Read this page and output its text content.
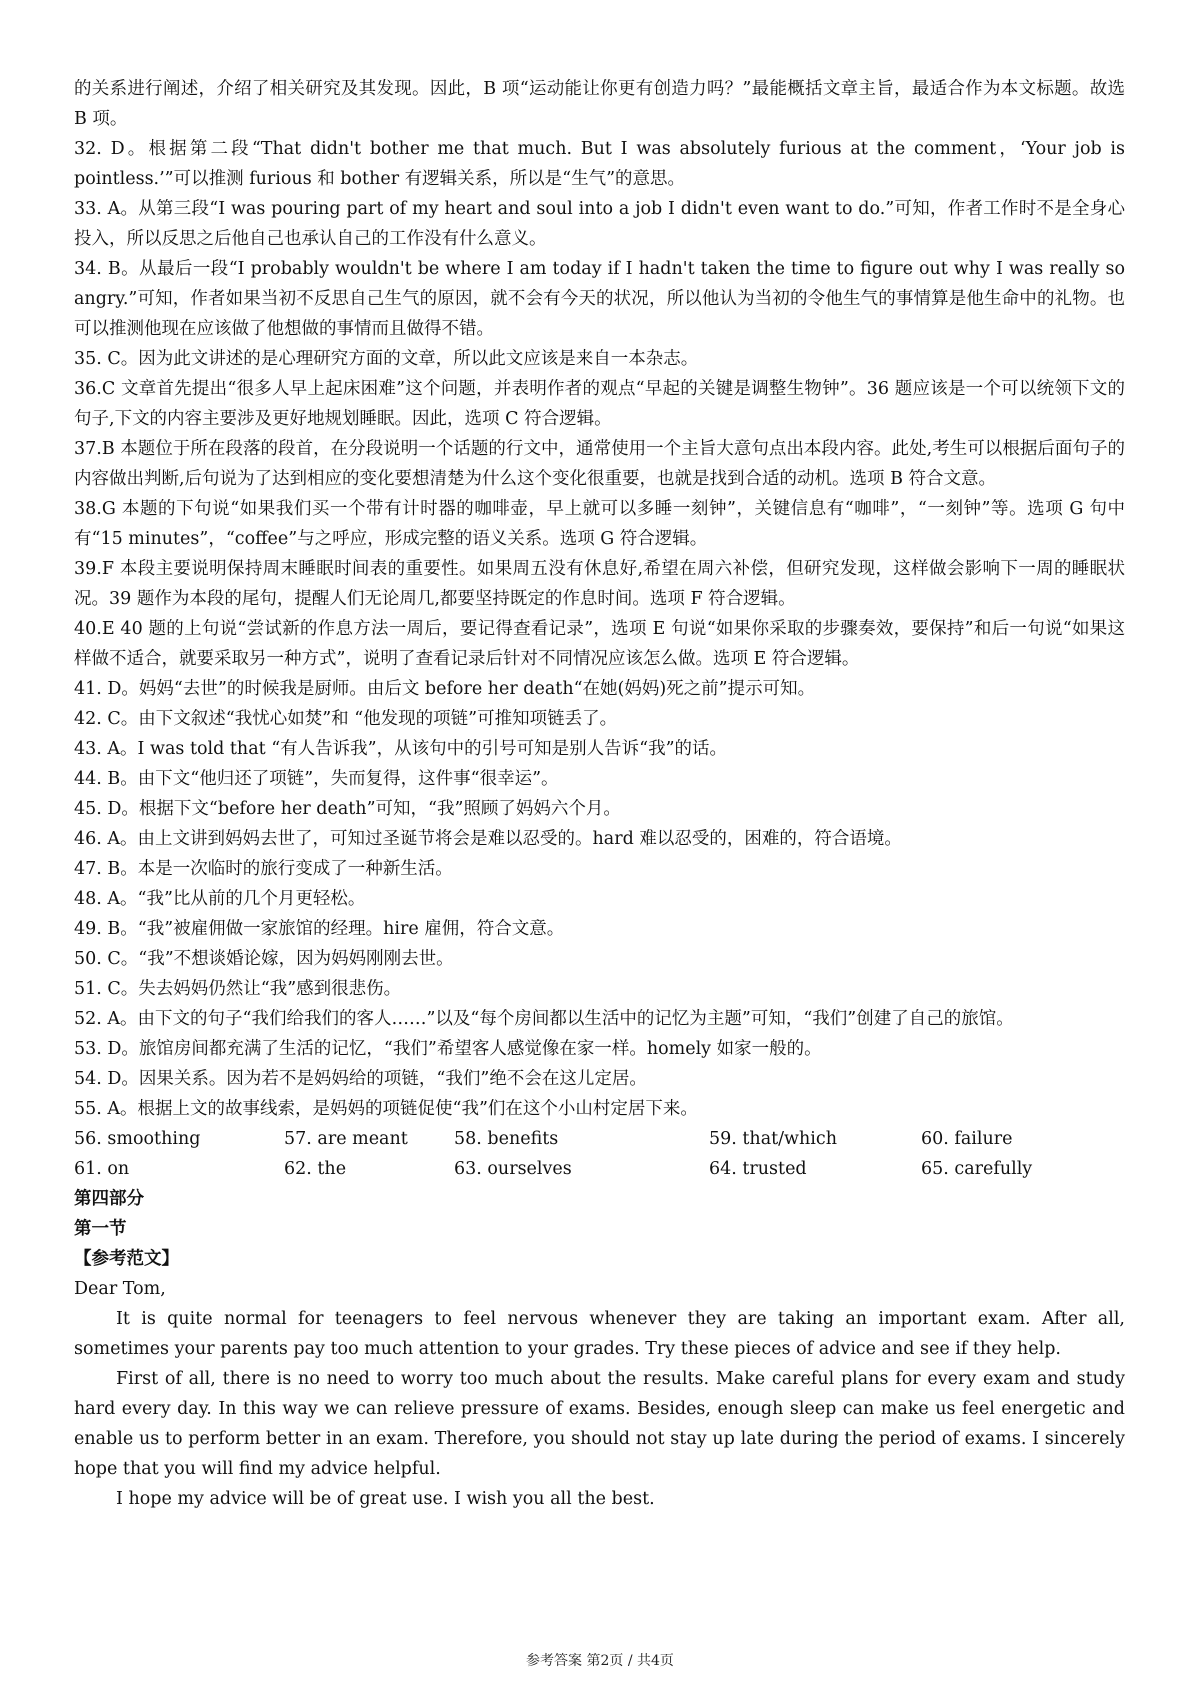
的关系进行阐述，介绍了相关研究及其发现。因此，B 项“运动能让你更有创造力吗？”最能概括文章主旨，最适合作为本文标题。故选 B 项。

32. D。根据第二段“That didn't bother me that much. But I was absolutely furious at the comment，‘Your job is pointless.’”可以推测 furious 和 bother 有逻辑关系，所以是“生气”的意思。

33. A。从第三段“I was pouring part of my heart and soul into a job I didn't even want to do.”可知，作者工作时不是全身心投入，所以反思之后他自己也承认自己的工作没有什么意义。

34. B。从最后一段“I probably wouldn't be where I am today if I hadn't taken the time to figure out why I was really so angry.”可知，作者如果当初不反思自己生气的原因，就不会有今天的状况，所以他认为当初的令他生气的事情算是他生命中的礼物。也可以推测他现在应该做了他想做的事情而且做得不错。

35. C。因为此文讲述的是心理研究方面的文章，所以此文应该是来自一本杂志。

36.C 文章首先提出“很多人早上起床困难”这个问题，并表明作者的观点“早起的关键是调整生物钟”。36 题应该是一个可以统领下文的句子,下文的内容主要涉及更好地规划睡眠。因此，选项 C 符合逻辑。

37.B 本题位于所在段落的段首，在分段说明一个话题的行文中，通常使用一个主旨大意句点出本段内容。此处,考生可以根据后面句子的内容做出判断,后句说为了达到相应的变化要想清楚为什么这个变化很重要，也就是找到合适的动机。选项 B 符合文意。

38.G 本题的下句说“如果我们买一个带有计时器的咖啡壶，早上就可以多睡一刻钟”，关键信息有“咖啡”，“一刻钟”等。选项 G 句中有“15 minutes”，“coffee”与之呼应，形成完整的语义关系。选项 G 符合逻辑。

39.F 本段主要说明保持周末睡眠时间表的重要性。如果周五没有休息好,希望在周六补偿，但研究发现，这样做会影响下一周的睡眠状况。39 题作为本段的尾句，提醒人们无论周几,都要坚持既定的作息时间。选项 F 符合逻辑。

40.E 40 题的上句说“尝试新的作息方法一周后，要记得查看记录”，选项 E 句说“如果你采取的步骤奏效，要保持”和后一句说“如果这样做不适合，就要采取另一种方式”，说明了查看记录后针对不同情况应该怎么做。选项 E 符合逻辑。

41. D。妈妈“去世”的时候我是厨师。由后文 before her death“在她(妈妈)死之前”提示可知。

42. C。由下文叙述“我忧心如焚”和 “他发现的项链”可推知项链丢了。

43. A。I was told that “有人告诉我”，从该句中的引号可知是别人告诉“我”的话。

44. B。由下文“他归还了项链”，失而复得，这件事“很幸运”。

45. D。根据下文“before her death”可知，“我”照顾了妈妈六个月。

46. A。由上文讲到妈妈去世了，可知过圣诞节将会是难以忍受的。hard 难以忍受的，困难的，符合语境。

47. B。本是一次临时的旅行变成了一种新生活。

48. A。“我”比从前的几个月更轻松。

49. B。“我”被雇佣做一家旅馆的经理。hire 雇佣，符合文意。

50. C。“我”不想谈婚论嫁，因为妈妈刚刚去世。

51. C。失去妈妈仍然让“我”感到很悲伤。

52. A。由下文的句子“我们给我们的客人……”以及“每个房间都以生活中的记忆为主题”可知，“我们”创建了自己的旅馆。

53. D。旅馆房间都充满了生活的记忆，“我们”希望客人感觉像在家一样。homely 如家一般的。

54. D。因果关系。因为若不是妈妈给的项链，“我们”绝不会在这儿定居。

55. A。根据上文的故事线索，是妈妈的项链促使“我”们在这个小山村定居下来。

56. smoothing	57. are meant	58. benefits	59. that/which	60. failure
61. on	62. the	63. ourselves	64. trusted	65. carefully

第四部分

第一节

【参考范文】

Dear Tom,

It is quite normal for teenagers to feel nervous whenever they are taking an important exam. After all, sometimes your parents pay too much attention to your grades. Try these pieces of advice and see if they help.

First of all, there is no need to worry too much about the results. Make careful plans for every exam and study hard every day. In this way we can relieve pressure of exams. Besides, enough sleep can make us feel energetic and enable us to perform better in an exam. Therefore, you should not stay up late during the period of exams. I sincerely hope that you will find my advice helpful.

I hope my advice will be of great use. I wish you all the best.

参考答案 第2页 / 共4页
